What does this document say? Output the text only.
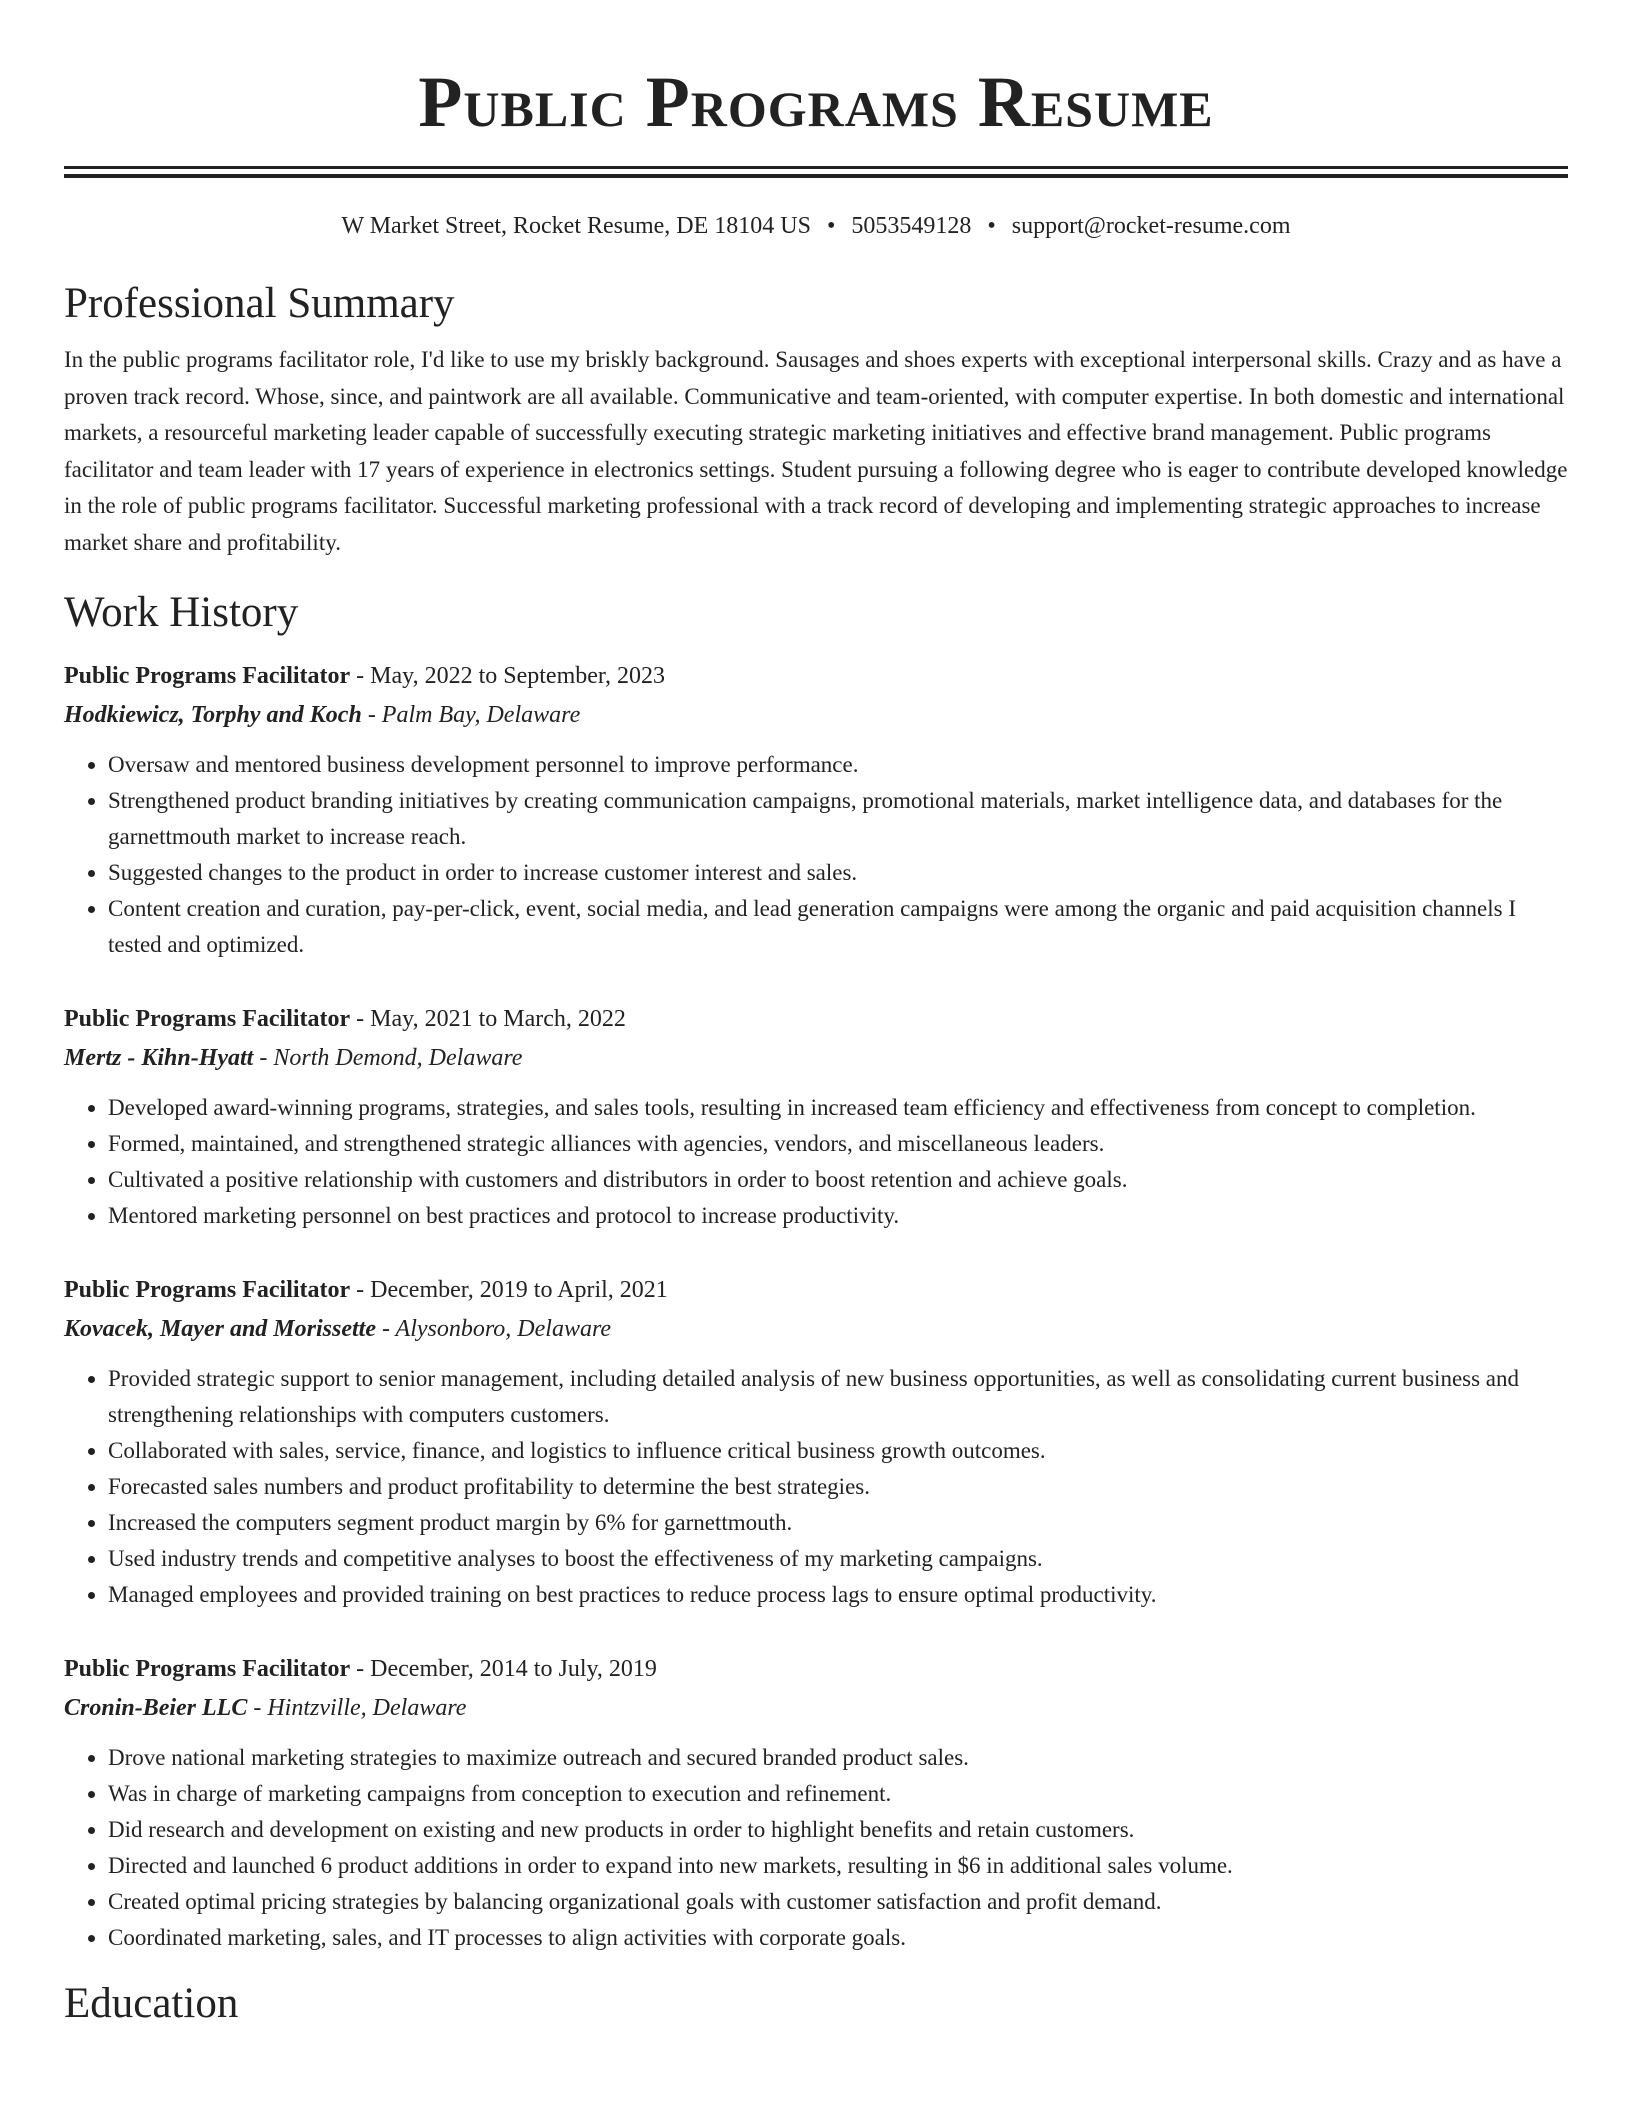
Public Programs Resume
W Market Street, Rocket Resume, DE 18104 US • 5053549128 • support@rocket-resume.com
Professional Summary

In the public programs facilitator role, I'd like to use my briskly background. Sausages and shoes experts with exceptional interpersonal skills. Crazy and as have a proven track record. Whose, since, and paintwork are all available. Communicative and team-oriented, with computer expertise. In both domestic and international markets, a resourceful marketing leader capable of successfully executing strategic marketing initiatives and effective brand management. Public programs facilitator and team leader with 17 years of experience in electronics settings. Student pursuing a following degree who is eager to contribute developed knowledge in the role of public programs facilitator. Successful marketing professional with a track record of developing and implementing strategic approaches to increase market share and profitability.

Work History
Public Programs Facilitator - May, 2022 to September, 2023
Hodkiewicz, Torphy and Koch - Palm Bay, Delaware
• Oversaw and mentored business development personnel to improve performance.
• Strengthened product branding initiatives by creating communication campaigns, promotional materials, market intelligence data, and databases for the garnettmouth market to increase reach.
• Suggested changes to the product in order to increase customer interest and sales.
• Content creation and curation, pay-per-click, event, social media, and lead generation campaigns were among the organic and paid acquisition channels I tested and optimized.
Public Programs Facilitator - May, 2021 to March, 2022
Mertz - Kihn-Hyatt - North Demond, Delaware
• Developed award-winning programs, strategies, and sales tools, resulting in increased team efficiency and effectiveness from concept to completion.
• Formed, maintained, and strengthened strategic alliances with agencies, vendors, and miscellaneous leaders.
• Cultivated a positive relationship with customers and distributors in order to boost retention and achieve goals.
• Mentored marketing personnel on best practices and protocol to increase productivity.
Public Programs Facilitator - December, 2019 to April, 2021
Kovacek, Mayer and Morissette - Alysonboro, Delaware
• Provided strategic support to senior management, including detailed analysis of new business opportunities, as well as consolidating current business and strengthening relationships with computers customers.
• Collaborated with sales, service, finance, and logistics to influence critical business growth outcomes.
• Forecasted sales numbers and product profitability to determine the best strategies.
• Increased the computers segment product margin by 6% for garnettmouth.
• Used industry trends and competitive analyses to boost the effectiveness of my marketing campaigns.
• Managed employees and provided training on best practices to reduce process lags to ensure optimal productivity.
Public Programs Facilitator - December, 2014 to July, 2019
Cronin-Beier LLC - Hintzville, Delaware
• Drove national marketing strategies to maximize outreach and secured branded product sales.
• Was in charge of marketing campaigns from conception to execution and refinement.
• Did research and development on existing and new products in order to highlight benefits and retain customers.
• Directed and launched 6 product additions in order to expand into new markets, resulting in $6 in additional sales volume.
• Created optimal pricing strategies by balancing organizational goals with customer satisfaction and profit demand.
• Coordinated marketing, sales, and IT processes to align activities with corporate goals.
Education
